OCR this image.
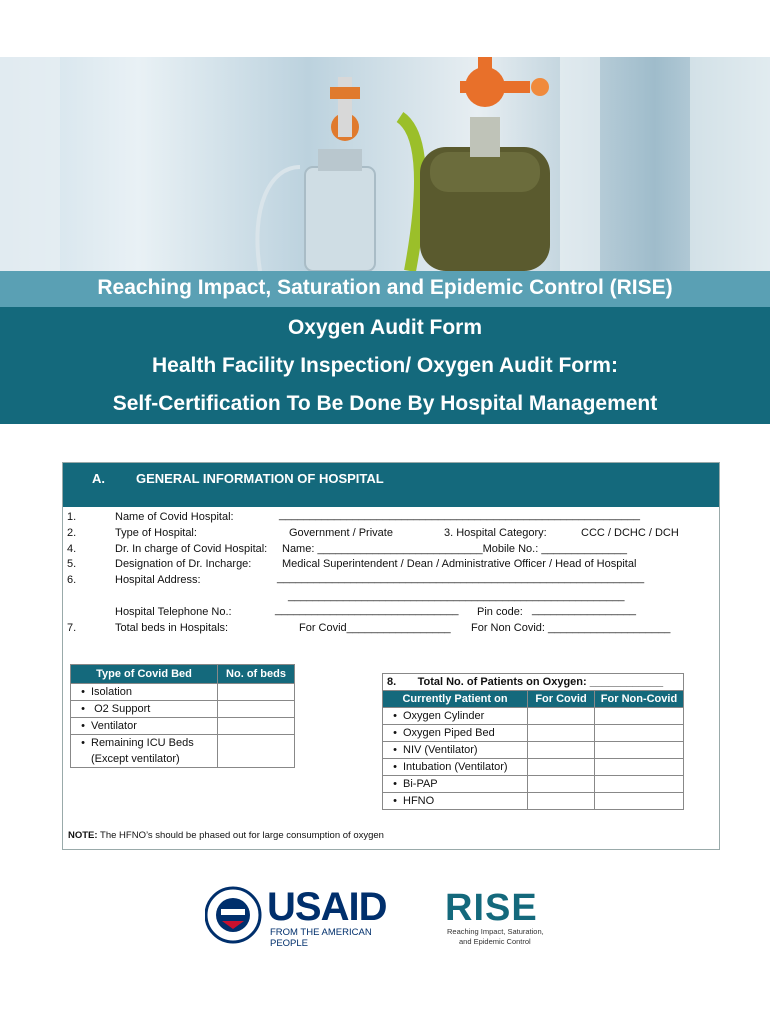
Reaching Impact, Saturation and Epidemic Control (RISE)
Oxygen Audit Form
Health Facility Inspection/ Oxygen Audit Form:
Self-Certification To Be Done By Hospital Management
A. GENERAL INFORMATION OF HOSPITAL
1.	Name of Covid Hospital:	___________________________________________________________
2.	Type of Hospital:	Government / Private	3. Hospital Category:	CCC / DCHC / DCH
4.	Dr. In charge of Covid Hospital: Name: ___________________________Mobile No.: ______________
5.	Designation of Dr. Incharge:	Medical Superintendent / Dean / Administrative Officer / Head of Hospital
6.	Hospital Address:	____________________________________________________________
_______________________________________________________
Hospital Telephone No.:	______________________________ Pin code: _________________
7.	Total beds in Hospitals:	For Covid_________________ For Non Covid: ____________________
Type of Covid Bed	No. of beds
• Isolation	
• O2 Support	
• Ventilator	
• Remaining ICU Beds
(Except ventilator)	
8. Total No. of Patients on Oxygen: ____________		
Currently Patient on	For Covid	For Non-Covid
• Oxygen Cylinder		
• Oxygen Piped Bed		
• NIV (Ventilator)		
• Intubation (Ventilator)		
• Bi-PAP		
• HFNO		
NOTE: The HFNO’s should be phased out for large consumption of oxygen
USAID
FROM THE AMERICAN PEOPLE
RISE
Reaching Impact, Saturation,
and Epidemic Control
